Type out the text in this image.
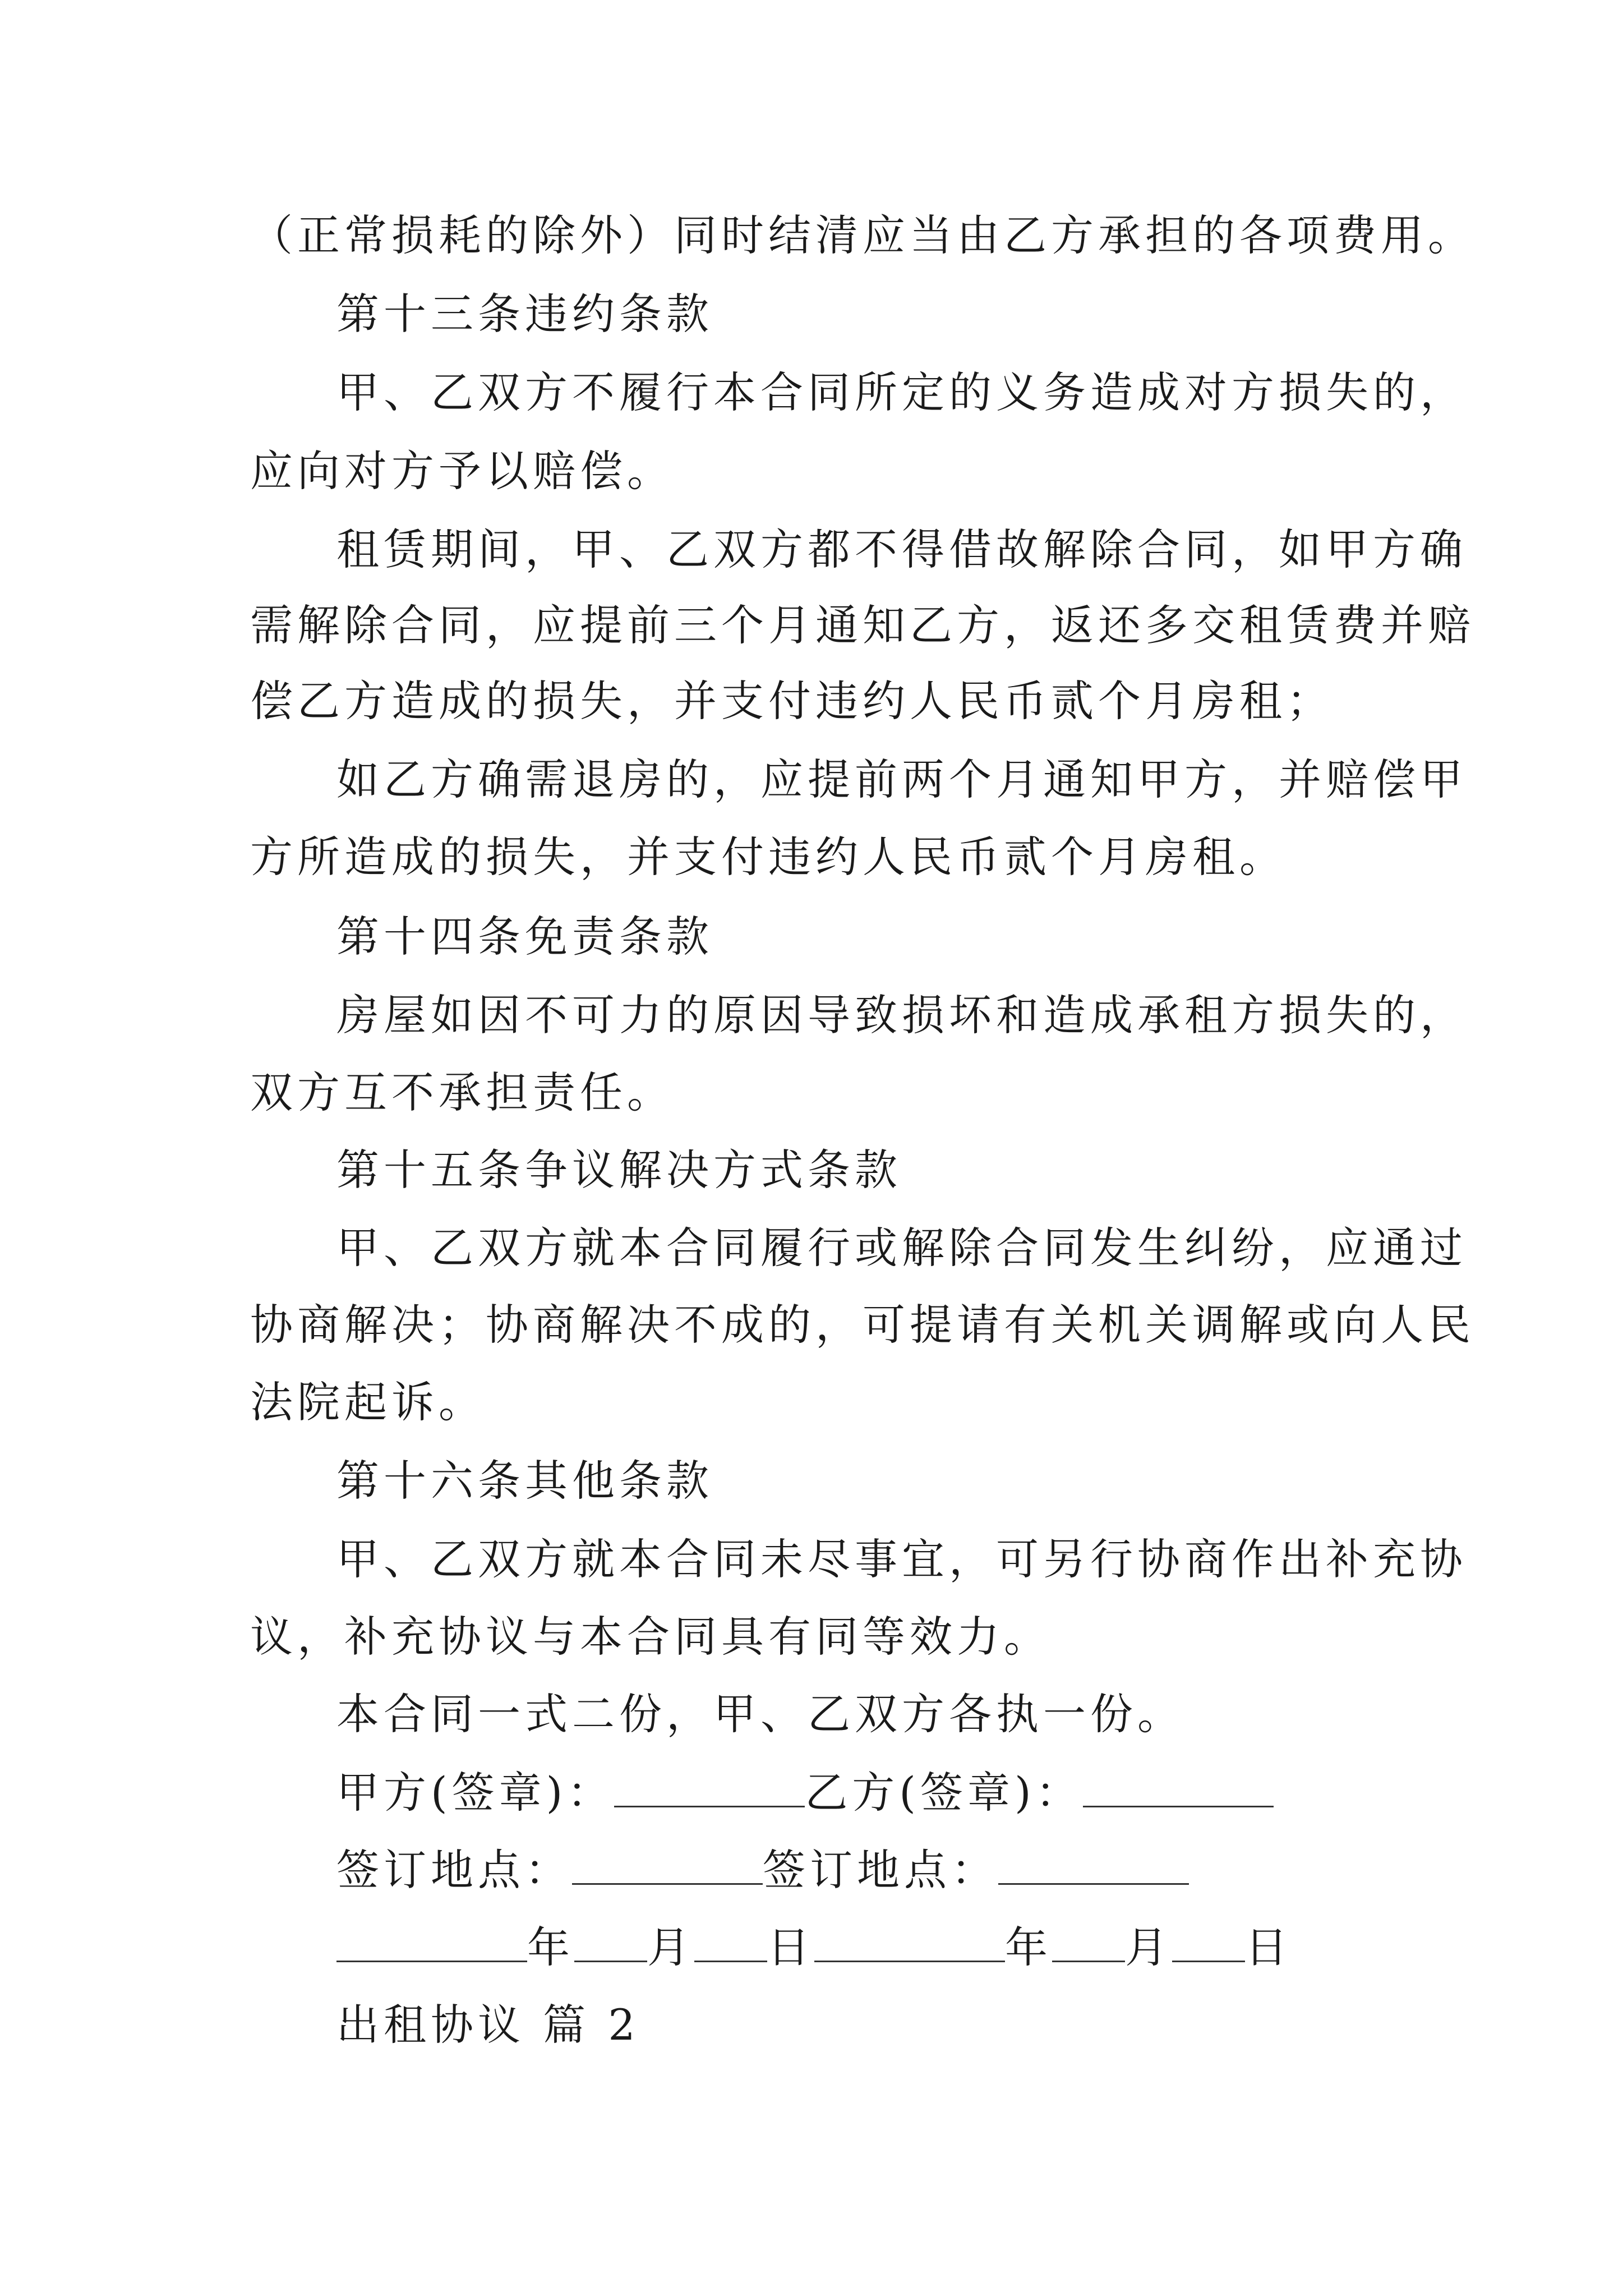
（正常损耗的除外）同时结清应当由乙方承担的各项费用。
第十三条违约条款
甲、乙双方不履行本合同所定的义务造成对方损失的，
应向对方予以赔偿。
租赁期间，甲、乙双方都不得借故解除合同，如甲方确
需解除合同，应提前三个月通知乙方，返还多交租赁费并赔
偿乙方造成的损失，并支付违约人民币贰个月房租；
如乙方确需退房的，应提前两个月通知甲方，并赔偿甲
方所造成的损失，并支付违约人民币贰个月房租。
第十四条免责条款
房屋如因不可力的原因导致损坏和造成承租方损失的，
双方互不承担责任。
第十五条争议解决方式条款
甲、乙双方就本合同履行或解除合同发生纠纷，应通过
协商解决；协商解决不成的，可提请有关机关调解或向人民
法院起诉。
第十六条其他条款
甲、乙双方就本合同未尽事宜，可另行协商作出补充协
议，补充协议与本合同具有同等效力。
本合同一式二份，甲、乙双方各执一份。
甲方(签章)：	乙方(签章)：
签订地点：	签订地点：
年 月 日	年 月 日
出租协议 篇 2
